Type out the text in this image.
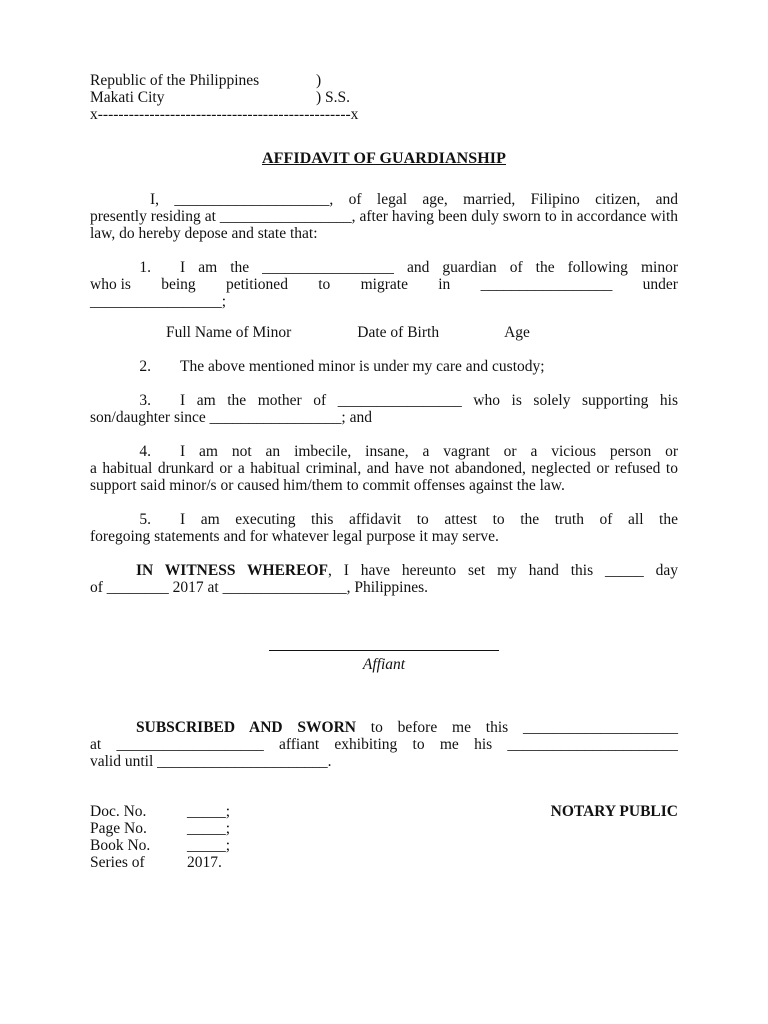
Republic of the Philippines	)
Makati City	) S.S.
x-------------------------------------------------x
AFFIDAVIT OF GUARDIANSHIP
I, ____________________, of legal age, married, Filipino citizen, and
presently residing at _________________, after having been duly sworn to in accordance with law, do hereby depose and state that:
1.	I am the _________________ and guardian of the following minor
who is being petitioned to migrate in _________________ under
_________________;
Full Name of Minor	Date of Birth	Age
2.	The above mentioned minor is under my care and custody;
3.	I am the mother of ________________ who is solely supporting his
son/daughter since _________________; and
4.	I am not an imbecile, insane, a vagrant or a vicious person or
a habitual drunkard or a habitual criminal, and have not abandoned, neglected or refused to support said minor/s or caused him/them to commit offenses against the law.
5.	I am executing this affidavit to attest to the truth of all the
foregoing statements and for whatever legal purpose it may serve.
IN WITNESS WHEREOF, I have hereunto set my hand this _____ day
of ________ 2017 at ________________, Philippines.
Affiant
SUBSCRIBED AND SWORN to before me this ____________________
at ___________________ affiant exhibiting to me his ______________________
valid until ______________________.
Doc. No.	_____;
Page No.	_____;
Book No.	_____;
Series of	2017.
NOTARY PUBLIC
